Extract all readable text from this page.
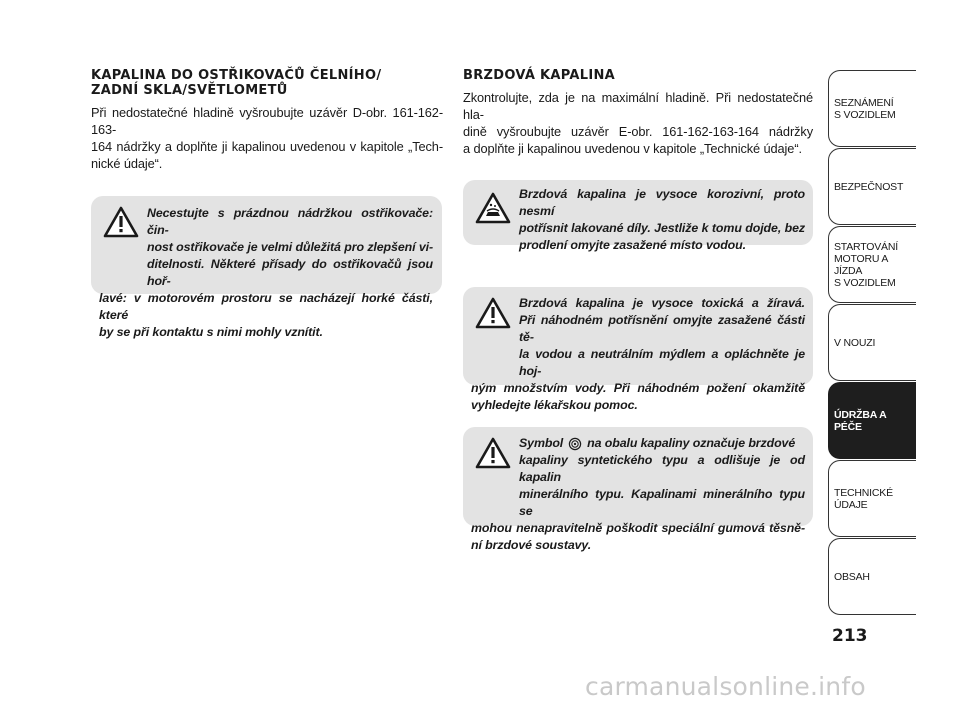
KAPALINA DO OSTŘIKOVAČŮ ČELNÍHO/
ZADNÍ SKLA/SVĚTLOMETŮ
Při nedostatečné hladině vyšroubujte uzávěr D-obr. 161-162-163-
164 nádržky a doplňte ji kapalinou uvedenou v kapitole „Tech-
nické údaje“.
Necestujte s prázdnou nádržkou ostřikovače: čin-
nost ostřikovače je velmi důležitá pro zlepšení vi-
ditelnosti. Některé přísady do ostřikovačů jsou hoř-
lavé: v motorovém prostoru se nacházejí horké části, které
by se při kontaktu s nimi mohly vznítit.
BRZDOVÁ KAPALINA
Zkontrolujte, zda je na maximální hladině. Při nedostatečné hla-
dině vyšroubujte uzávěr E-obr. 161-162-163-164 nádržky
a doplňte ji kapalinou uvedenou v kapitole „Technické údaje“.
Brzdová kapalina je vysoce korozivní, proto nesmí
potřísnit lakované díly. Jestliže k tomu dojde, bez
prodlení omyjte zasažené místo vodou.
Brzdová kapalina je vysoce toxická a žíravá.
Při náhodném potřísnění omyjte zasažené části tě-
la vodou a neutrálním mýdlem a opláchněte je hoj-
ným množstvím vody. Při náhodném požení okamžitě
vyhledejte lékařskou pomoc.
Symbol na obalu kapaliny označuje brzdové
kapaliny syntetického typu a odlišuje je od kapalin
minerálního typu. Kapalinami minerálního typu se
mohou nenapravitelně poškodit speciální gumová těsně-
ní brzdové soustavy.
SEZNÁMENÍ
S VOZIDLEM
BEZPEČNOST
STARTOVÁNÍ
MOTORU A JÍZDA
S VOZIDLEM
V NOUZI
ÚDRŽBA A PÉČE
TECHNICKÉ
ÚDAJE
OBSAH
213
carmanualsonline.info
